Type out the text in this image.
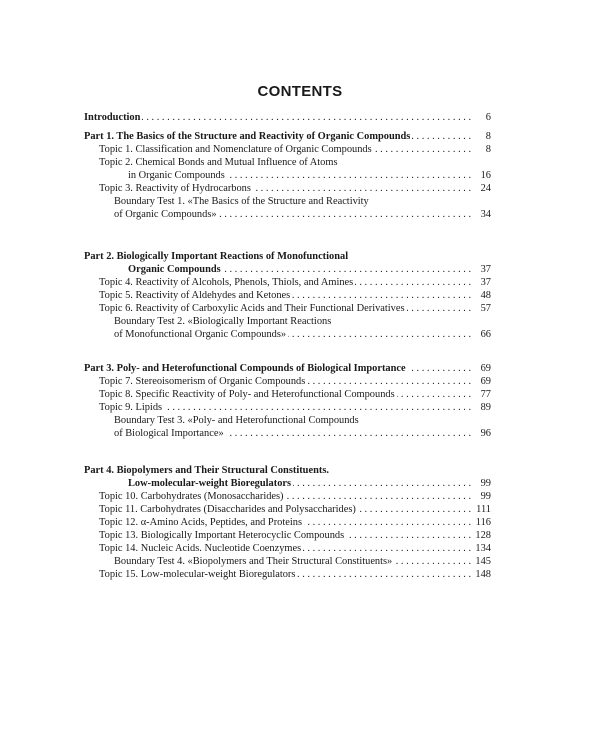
CONTENTS
. . .
Introduction	6
. . .
Part 1. The Basics of the Structure and Reactivity of Organic Compounds	8
. . .
Topic 1. Classification and Nomenclature of Organic Compounds	8
Topic 2. Chemical Bonds and Mutual Influence of Atoms
. . .
in Organic Compounds	16
. . .
Topic 3. Reactivity of Hydrocarbons	24
Boundary Test 1. «The Basics of the Structure and Reactivity
. . .
of Organic Compounds»	34
Part 2. Biologically Important Reactions of Monofunctional
. . .
Organic Compounds	37
. . .
Topic 4. Reactivity of Alcohols, Phenols, Thiols, and Amines	37
. . .
Topic 5. Reactivity of Aldehydes and Ketones	48
. . .
Topic 6. Reactivity of Carboxylic Acids and Their Functional Derivatives	57
Boundary Test 2. «Biologically Important Reactions
. . .
of Monofunctional Organic Compounds»	66
. . .
Part 3. Poly- and Heterofunctional Compounds of Biological Importance	69
. . .
Topic 7. Stereoisomerism of Organic Compounds	69
. . .
Topic 8. Specific Reactivity of Poly- and Heterofunctional Compounds	77
. . .
Topic 9. Lipids	89
Boundary Test 3. «Poly- and Heterofunctional Compounds
. . .
of Biological Importance»	96
Part 4. Biopolymers and Their Structural Constituents.
. . .
Low-molecular-weight Bioregulators	99
. . .
Topic 10. Carbohydrates (Monosaccharides)	99
. . .
Topic 11. Carbohydrates (Disaccharides and Polysaccharides)	111
. . .
Topic 12. α-Amino Acids, Peptides, and Proteins	116
. . .
Topic 13. Biologically Important Heterocyclic Compounds	128
. . .
Topic 14. Nucleic Acids. Nucleotide Coenzymes	134
. . .
Boundary Test 4. «Biopolymers and Their Structural Constituents»	145
. . .
Topic 15. Low-molecular-weight Bioregulators	148
